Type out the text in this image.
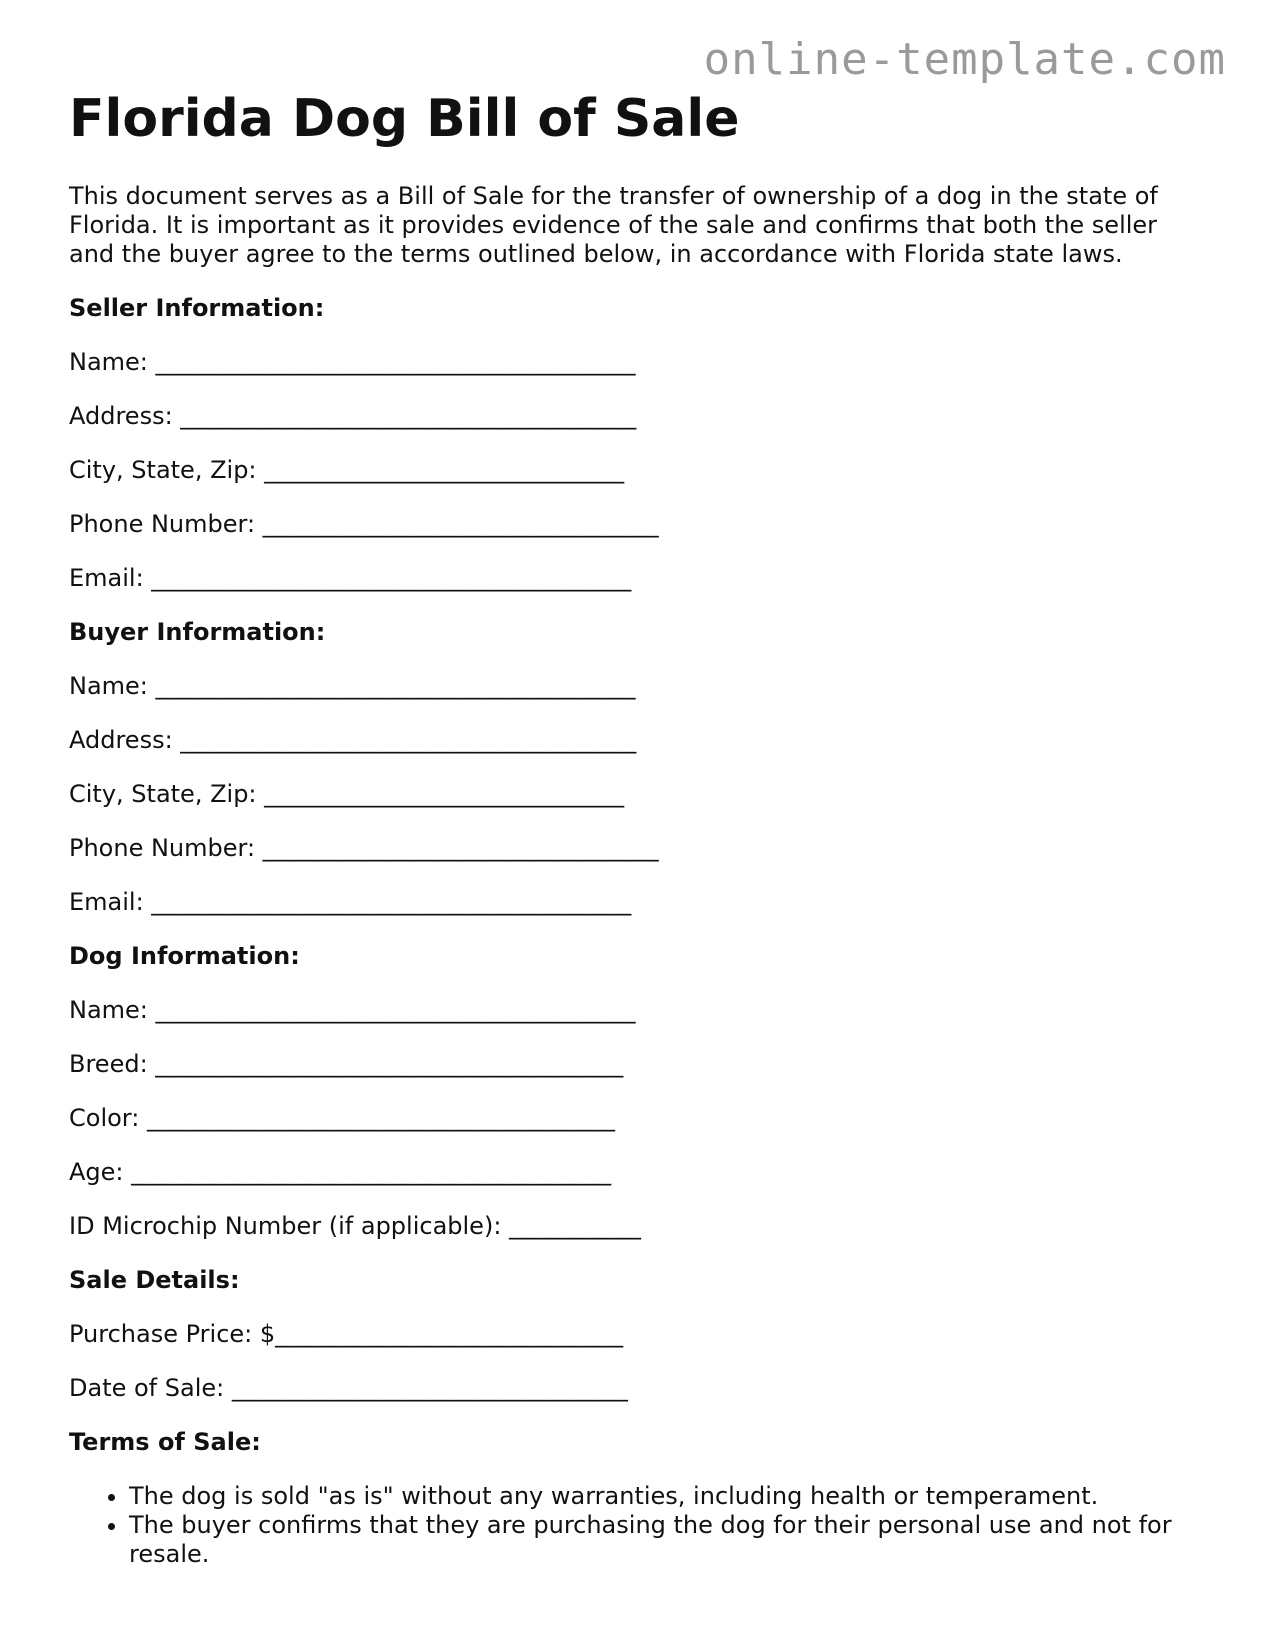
online-template.com
Florida Dog Bill of Sale

This document serves as a Bill of Sale for the transfer of ownership of a dog in the state of Florida. It is important as it provides evidence of the sale and confirms that both the seller and the buyer agree to the terms outlined below, in accordance with Florida state laws.

Seller Information:
Name: ________________________________________
Address: ______________________________________
City, State, Zip: ______________________________
Phone Number: _________________________________
Email: ________________________________________
Buyer Information:
Name: ________________________________________
Address: ______________________________________
City, State, Zip: ______________________________
Phone Number: _________________________________
Email: ________________________________________
Dog Information:
Name: ________________________________________
Breed: _______________________________________
Color: _______________________________________
Age: ________________________________________
ID Microchip Number (if applicable): ___________
Sale Details:
Purchase Price: $_____________________________
Date of Sale: _________________________________
Terms of Sale:
• The dog is sold "as is" without any warranties, including health or temperament.
• The buyer confirms that they are purchasing the dog for their personal use and not for resale.
